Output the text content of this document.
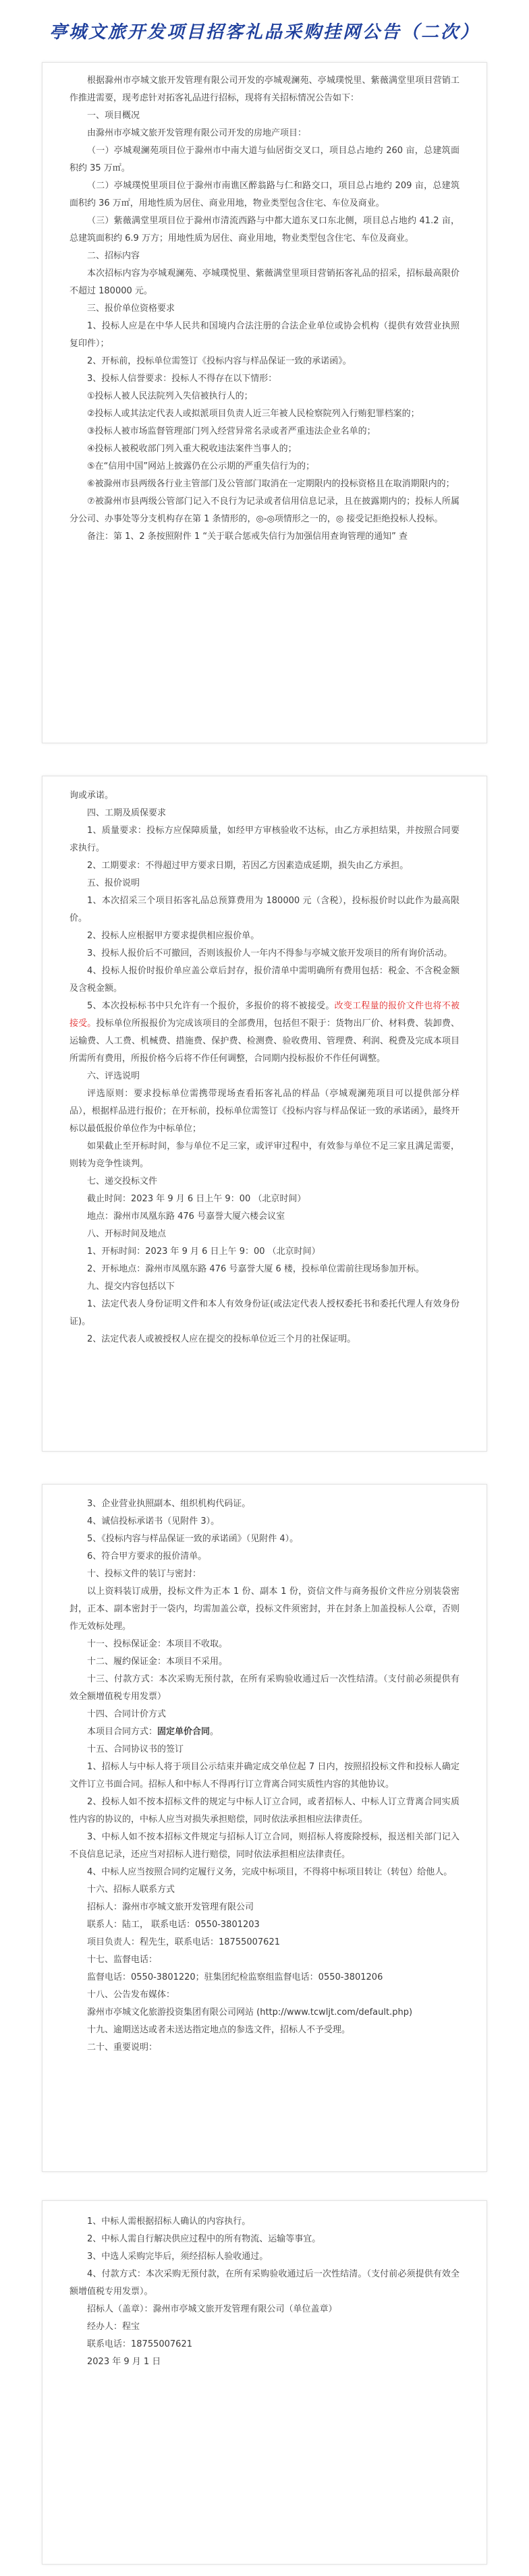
亭城文旅开发项目招客礼品采购挂网公告（二次）

根据滁州市亭城文旅开发管理有限公司开发的亭城观澜苑、亭城璞悦里、紫薇满堂里项目营销工作推进需要，现考虑针对拓客礼品进行招标，现将有关招标情况公告如下：

一、项目概况

由滁州市亭城文旅开发管理有限公司开发的房地产项目：

（一）亭城观澜苑项目位于滁州市中南大道与仙居街交叉口，项目总占地约 260 亩，总建筑面积约 35 万㎡。

（二）亭城璞悦里项目位于滁州市南谯区醉翁路与仁和路交口，项目总占地约 209 亩，总建筑面积约 36 万㎡，用地性质为居住、商业用地，物业类型包含住宅、车位及商业。

（三）紫薇满堂里项目位于滁州市清流西路与中都大道东叉口东北侧，项目总占地约 41.2 亩，总建筑面积约 6.9 万方；用地性质为居住、商业用地，物业类型包含住宅、车位及商业。

二、招标内容

本次招标内容为亭城观澜苑、亭城璞悦里、紫薇满堂里项目营销拓客礼品的招采，招标最高限价不超过 180000 元。

三、报价单位资格要求

1、投标人应是在中华人民共和国境内合法注册的合法企业单位或协会机构（提供有效营业执照复印件）；

2、开标前，投标单位需签订《投标内容与样品保证一致的承诺函》。

3、投标人信誉要求：投标人不得存在以下情形：

①投标人被人民法院列入失信被执行人的；

②投标人或其法定代表人或拟派项目负责人近三年被人民检察院列入行贿犯罪档案的；

③投标人被市场监督管理部门列入经营异常名录或者严重违法企业名单的；

④投标人被税收部门列入重大税收违法案件当事人的；

⑤在“信用中国”网站上披露仍在公示期的严重失信行为的；

⑥被滁州市县两级各行业主管部门及公管部门取消在一定期限内的投标资格且在取消期限内的；

⑦被滁州市县两级公管部门记入不良行为记录或者信用信息记录，且在披露期内的；投标人所属分公司、办事处等分支机构存在第 1 条情形的，◎-◎项情形之一的，◎ 接受记拒绝投标人投标。

备注：第 1、2 条按照附件 1 “关于联合惩戒失信行为加强信用查询管理的通知” 查

询或承诺。

四、工期及质保要求

1、质量要求：投标方应保障质量，如经甲方审核验收不达标，由乙方承担结果，并按照合同要求执行。

2、工期要求：不得超过甲方要求日期，若因乙方因素造成延期，损失由乙方承担。

五、报价说明

1、本次招采三个项目拓客礼品总预算费用为 180000 元（含税），投标报价时以此作为最高限价。

2、投标人应根据甲方要求提供相应报价单。

3、投标人报价后不可撤回，否则该报价人一年内不得参与亭城文旅开发项目的所有询价活动。

4、投标人报价时报价单应盖公章后封存，报价清单中需明确所有费用包括：税金、不含税金额及含税金额。

5、本次投标标书中只允许有一个报价，多报价的将不被接受。改变工程量的报价文件也将不被接受。投标单位所报报价为完成该项目的全部费用，包括但不限于：货物出厂价、材料费、装卸费、运输费、人工费、机械费、措施费、保护费、检测费、验收费用、管理费、利润、税费及完成本项目所需所有费用，所报价格今后将不作任何调整，合同期内投标报价不作任何调整。

六、评选说明

评选原则：要求投标单位需携带现场查看拓客礼品的样品（亭城观澜苑项目可以提供部分样品），根据样品进行报价；在开标前，投标单位需签订《投标内容与样品保证一致的承诺函》，最终开标以最低报价单位作为中标单位；

如果截止至开标时间，参与单位不足三家，或评审过程中，有效参与单位不足三家且满足需要，则转为竞争性谈判。

七、递交投标文件

截止时间：2023 年 9 月 6 日上午 9：00 （北京时间）

地点：滁州市凤凰东路 476 号嘉誉大厦六楼会议室

八、开标时间及地点

1、开标时间：2023 年 9 月 6 日上午 9：00 （北京时间）

2、开标地点：滁州市凤凰东路 476 号嘉誉大厦 6 楼，投标单位需前往现场参加开标。

九、提交内容包括以下

1、法定代表人身份证明文件和本人有效身份证(或法定代表人授权委托书和委托代理人有效身份证)。

2、法定代表人或被授权人应在提交的投标单位近三个月的社保证明。

3、企业营业执照副本、组织机构代码证。

4、诚信投标承诺书（见附件 3）。

5、《投标内容与样品保证一致的承诺函》（见附件 4）。

6、符合甲方要求的报价清单。

十、投标文件的装订与密封：

以上资料装订成册，投标文件为正本 1 份、副本 1 份，资信文件与商务报价文件应分别装袋密封，正本、副本密封于一袋内，均需加盖公章，投标文件须密封，并在封条上加盖投标人公章，否则作无效标处理。

十一、投标保证金：本项目不收取。

十二、履约保证金：本项目不采用。

十三、付款方式：本次采购无预付款，在所有采购验收通过后一次性结清。（支付前必须提供有效全额增值税专用发票）

十四、合同计价方式

本项目合同方式：固定单价合同。

十五、合同协议书的签订

1、招标人与中标人将于项目公示结束并确定成交单位起 7 日内，按照招投标文件和投标人确定文件订立书面合同。招标人和中标人不得再行订立背离合同实质性内容的其他协议。

2、投标人如不按本招标文件的规定与中标人订立合同，或者招标人、中标人订立背离合同实质性内容的协议的，中标人应当对损失承担赔偿，同时依法承担相应法律责任。

3、中标人如不按本招标文件规定与招标人订立合同，则招标人将废除授标，报送相关部门记入不良信息记录，还应当对招标人进行赔偿，同时依法承担相应法律责任。

4、中标人应当按照合同约定履行义务，完成中标项目，不得将中标项目转让（转包）给他人。

十六、招标人联系方式

招标人：滁州市亭城文旅开发管理有限公司

联系人：陆工， 联系电话：0550-3801203

项目负责人：程先生，联系电话：18755007621

十七、监督电话：

监督电话：0550-3801220；驻集团纪检监察组监督电话：0550-3801206

十八、公告发布媒体：

滁州市亭城文化旅游投资集团有限公司网站 (http://www.tcwljt.com/default.php)

十九、逾期送达或者未送达指定地点的参选文件，招标人不予受理。

二十、重要说明：

1、中标人需根据招标人确认的内容执行。

2、中标人需自行解决供应过程中的所有物流、运输等事宜。

3、中选人采购完毕后，须经招标人验收通过。

4、付款方式：本次采购无预付款，在所有采购验收通过后一次性结清。（支付前必须提供有效全额增值税专用发票）。

招标人（盖章）：滁州市亭城文旅开发管理有限公司（单位盖章）

经办人：程宝

联系电话：18755007621

2023 年 9 月 1 日
